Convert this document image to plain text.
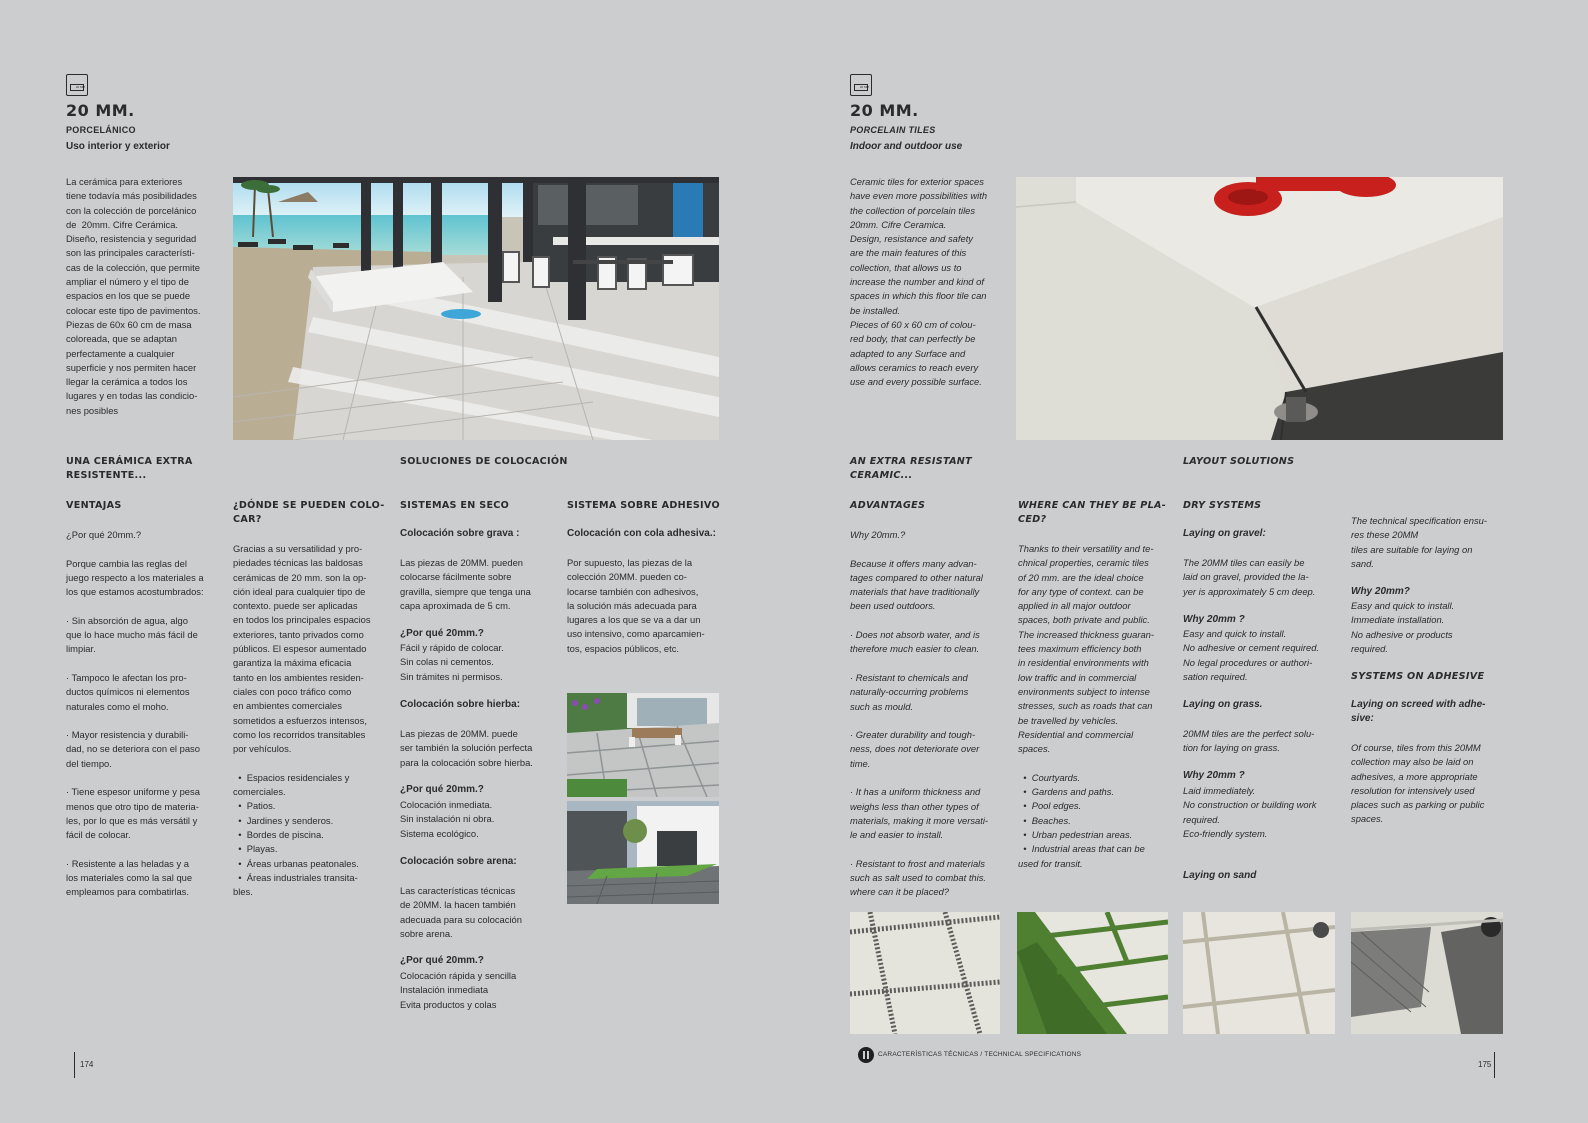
20 MM
20 MM.
PORCELÁNICO
Uso interior y exterior
La cerámica para exteriores
tiene todavía más posibilidades
con la colección de porcelánico
de  20mm. Cifre Cerámica.
Diseño, resistencia y seguridad
son las principales característi-
cas de la colección, que permite
ampliar el número y el tipo de
espacios en los que se puede
colocar este tipo de pavimentos.
Piezas de 60x 60 cm de masa
coloreada, que se adaptan
perfectamente a cualquier
superficie y nos permiten hacer
llegar la cerámica a todos los
lugares y en todas las condicio-
nes posibles
UNA CERÁMICA EXTRA
RESISTENTE...
SOLUCIONES DE COLOCACIÓN
VENTAJAS
¿Por qué 20mm.?

Porque cambia las reglas del
juego respecto a los materiales a
los que estamos acostumbrados:

· Sin absorción de agua, algo
que lo hace mucho más fácil de
limpiar.

· Tampoco le afectan los pro-
ductos químicos ni elementos
naturales como el moho.

· Mayor resistencia y durabili-
dad, no se deteriora con el paso
del tiempo.

· Tiene espesor uniforme y pesa
menos que otro tipo de materia-
les, por lo que es más versátil y
fácil de colocar.

· Resistente a las heladas y a
los materiales como la sal que
empleamos para combatirlas.
¿DÓNDE SE PUEDEN COLO-
CAR?
Gracias a su versatilidad y pro-
piedades técnicas las baldosas
cerámicas de 20 mm. son la op-
ción ideal para cualquier tipo de
contexto. puede ser aplicadas
en todos los principales espacios
exteriores, tanto privados como
públicos. El espesor aumentado
garantiza la máxima eficacia
tanto en los ambientes residen-
ciales con poco tráfico como
en ambientes comerciales
sometidos a esfuerzos intensos,
como los recorridos transitables
por vehículos.

•  Espacios residenciales y
comerciales.
•  Patios.
•  Jardines y senderos.
•  Bordes de piscina.
•  Playas.
•  Áreas urbanas peatonales.
•  Áreas industriales transita-
bles.
SISTEMAS EN SECO
Colocación sobre grava :
Las piezas de 20MM. pueden
colocarse fácilmente sobre
gravilla, siempre que tenga una
capa aproximada de 5 cm.
¿Por qué 20mm.?
Fácil y rápido de colocar.
Sin colas ni cementos.
Sin trámites ni permisos.
Colocación sobre hierba:
Las piezas de 20MM. puede
ser también la solución perfecta
para la colocación sobre hierba.
¿Por qué 20mm.?
Colocación inmediata.
Sin instalación ni obra.
Sistema ecológico.
Colocación sobre arena:
Las características técnicas
de 20MM. la hacen también
adecuada para su colocación
sobre arena.
¿Por qué 20mm.?
Colocación rápida y sencilla
Instalación inmediata
Evita productos y colas
SISTEMA SOBRE ADHESIVO
Colocación con cola adhesiva.:
Por supuesto, las piezas de la
colección 20MM. pueden co-
locarse también con adhesivos,
la solución más adecuada para
lugares a los que se va a dar un
uso intensivo, como aparcamien-
tos, espacios públicos, etc.
174
20 MM
20 MM.
PORCELAIN TILES
Indoor and outdoor use
Ceramic tiles for exterior spaces
have even more possibilities with
the collection of porcelain tiles
20mm. Cifre Ceramica.
Design, resistance and safety
are the main features of this
collection, that allows us to
increase the number and kind of
spaces in which this floor tile can
be installed.
Pieces of 60 x 60 cm of colou-
red body, that can perfectly be
adapted to any Surface and
allows ceramics to reach every
use and every possible surface.
AN EXTRA RESISTANT
CERAMIC...
LAYOUT SOLUTIONS
ADVANTAGES
Why 20mm.?

Because it offers many advan-
tages compared to other natural
materials that have traditionally
been used outdoors.

· Does not absorb water, and is
therefore much easier to clean.

· Resistant to chemicals and
naturally-occurring problems
such as mould.

· Greater durability and tough-
ness, does not deteriorate over
time.

· It has a uniform thickness and
weighs less than other types of
materials, making it more versati-
le and easier to install.

· Resistant to frost and materials
such as salt used to combat this.
where can it be placed?
WHERE CAN THEY BE PLA-
CED?
Thanks to their versatility and te-
chnical properties, ceramic tiles
of 20 mm. are the ideal choice
for any type of context. can be
applied in all major outdoor
spaces, both private and public.
The increased thickness guaran-
tees maximum efficiency both
in residential environments with
low traffic and in commercial
environments subject to intense
stresses, such as roads that can
be travelled by vehicles.
Residential and commercial
spaces.

•  Courtyards.
•  Gardens and paths.
•  Pool edges.
•  Beaches.
•  Urban pedestrian areas.
•  Industrial areas that can be
used for transit.
DRY SYSTEMS
Laying on gravel:
The 20MM tiles can easily be
laid on gravel, provided the la-
yer is approximately 5 cm deep.
Why 20mm ?
Easy and quick to install.
No adhesive or cement required.
No legal procedures or authori-
sation required.
Laying on grass.
20MM tiles are the perfect solu-
tion for laying on grass.
Why 20mm ?
Laid immediately.
No construction or building work
required.
Eco-friendly system.
Laying on sand
The technical specification ensu-
res these 20MM
tiles are suitable for laying on
sand.
Why 20mm?
Easy and quick to install.
Immediate installation.
No adhesive or products
required.
SYSTEMS ON ADHESIVE
Laying on screed with adhe-
sive:
Of course, tiles from this 20MM
collection may also be laid on
adhesives, a more appropriate
resolution for intensively used
places such as parking or public
spaces.
CARACTERÍSTICAS TÉCNICAS / TECHNICAL SPECIFICATIONS
175
